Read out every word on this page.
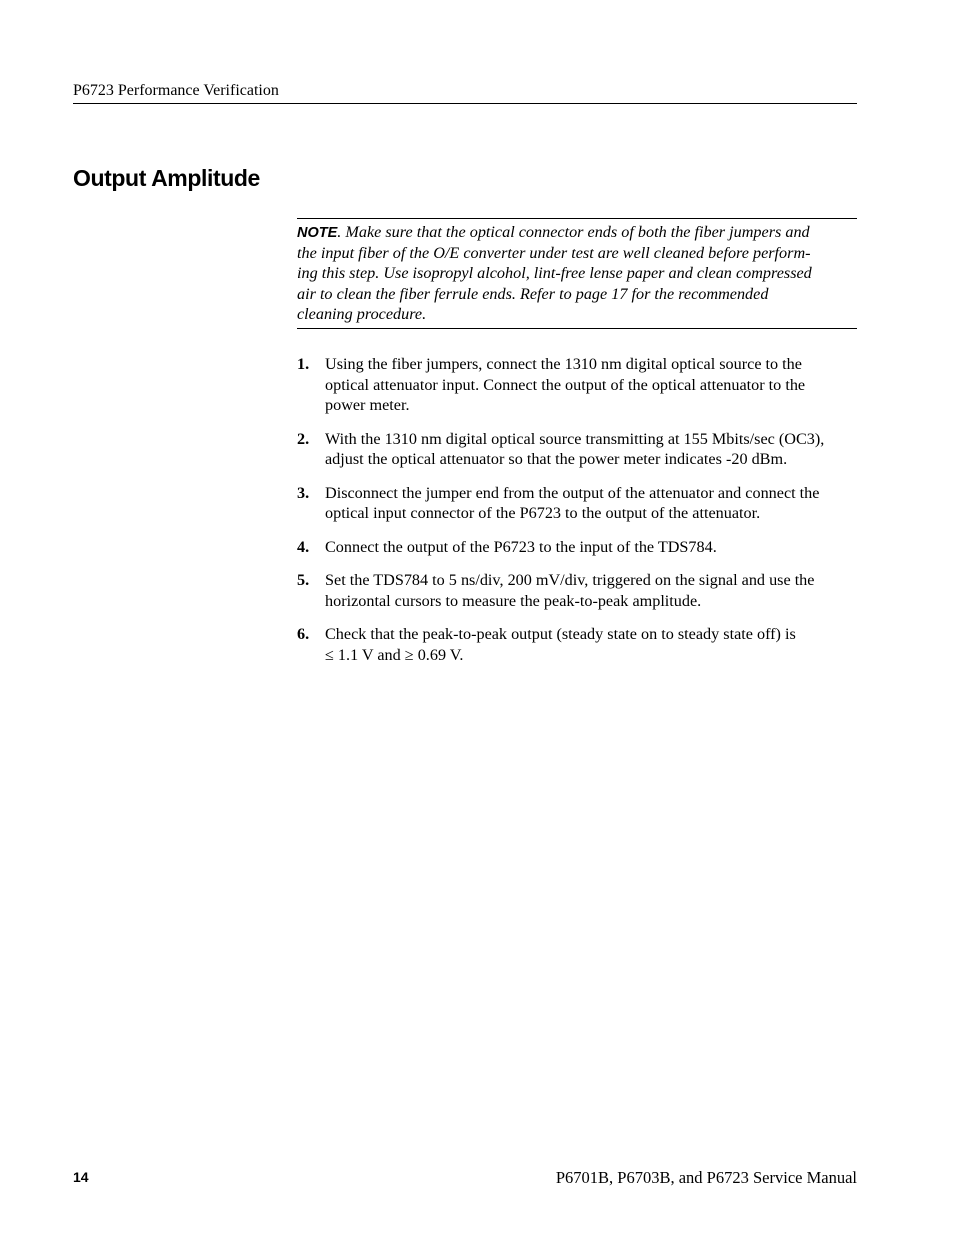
P6723 Performance Verification
Output Amplitude
NOTE. Make sure that the optical connector ends of both the fiber jumpers and
the input fiber of the O/E converter under test are well cleaned before perform-
ing this step. Use isopropyl alcohol, lint-free lense paper and clean compressed
air to clean the fiber ferrule ends. Refer to page 17 for the recommended
cleaning procedure.
1. Using the fiber jumpers, connect the 1310 nm digital optical source to the
optical attenuator input. Connect the output of the optical attenuator to the
power meter.
2. With the 1310 nm digital optical source transmitting at 155 Mbits/sec (OC3),
adjust the optical attenuator so that the power meter indicates -20 dBm.
3. Disconnect the jumper end from the output of the attenuator and connect the
optical input connector of the P6723 to the output of the attenuator.
4. Connect the output of the P6723 to the input of the TDS784.
5. Set the TDS784 to 5 ns/div, 200 mV/div, triggered on the signal and use the
horizontal cursors to measure the peak-to-peak amplitude.
6. Check that the peak-to-peak output (steady state on to steady state off) is
≤ 1.1 V and ≥ 0.69 V.
14	P6701B, P6703B, and P6723 Service Manual
